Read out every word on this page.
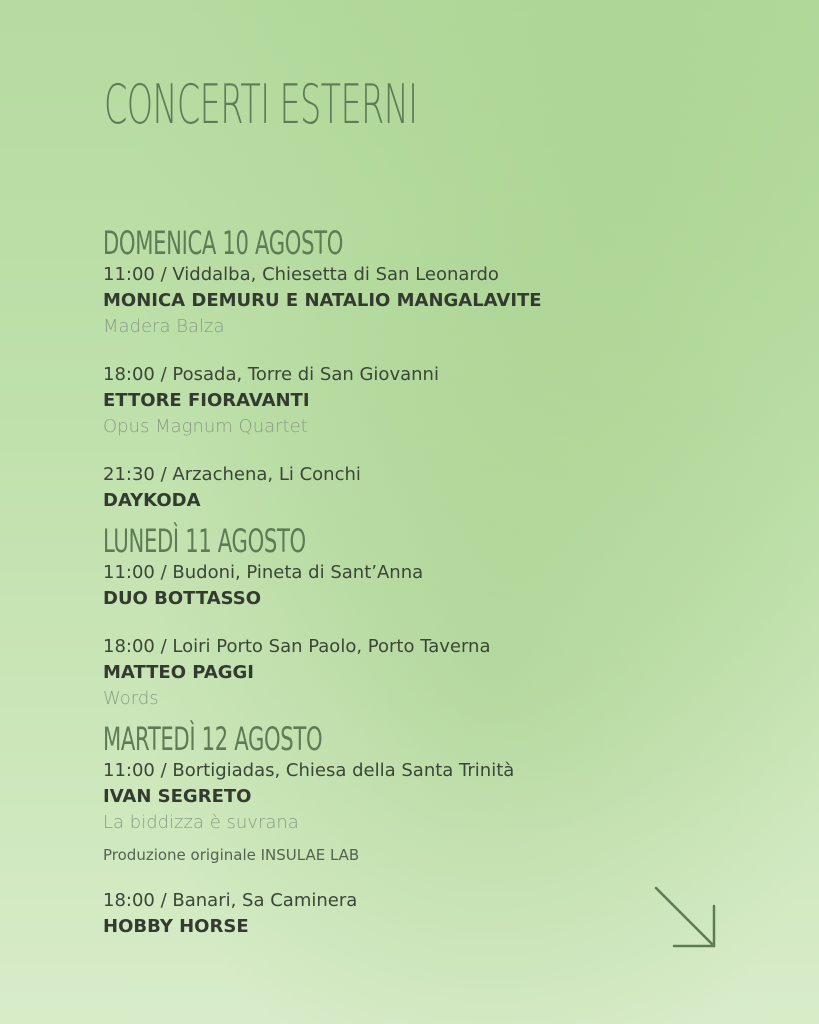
CONCERTI ESTERNI
DOMENICA 10 AGOSTO
11:00 / Viddalba, Chiesetta di San Leonardo
MONICA DEMURU E NATALIO MANGALAVITE
Madera Balza
18:00 / Posada, Torre di San Giovanni
ETTORE FIORAVANTI
Opus Magnum Quartet
21:30 / Arzachena, Li Conchi
DAYKODA
LUNEDÌ 11 AGOSTO
11:00 / Budoni, Pineta di Sant’Anna
DUO BOTTASSO
18:00 / Loiri Porto San Paolo, Porto Taverna
MATTEO PAGGI
Words
MARTEDÌ 12 AGOSTO
11:00 / Bortigiadas, Chiesa della Santa Trinità
IVAN SEGRETO
La biddizza è suvrana
Produzione originale INSULAE LAB
18:00 / Banari, Sa Caminera
HOBBY HORSE
